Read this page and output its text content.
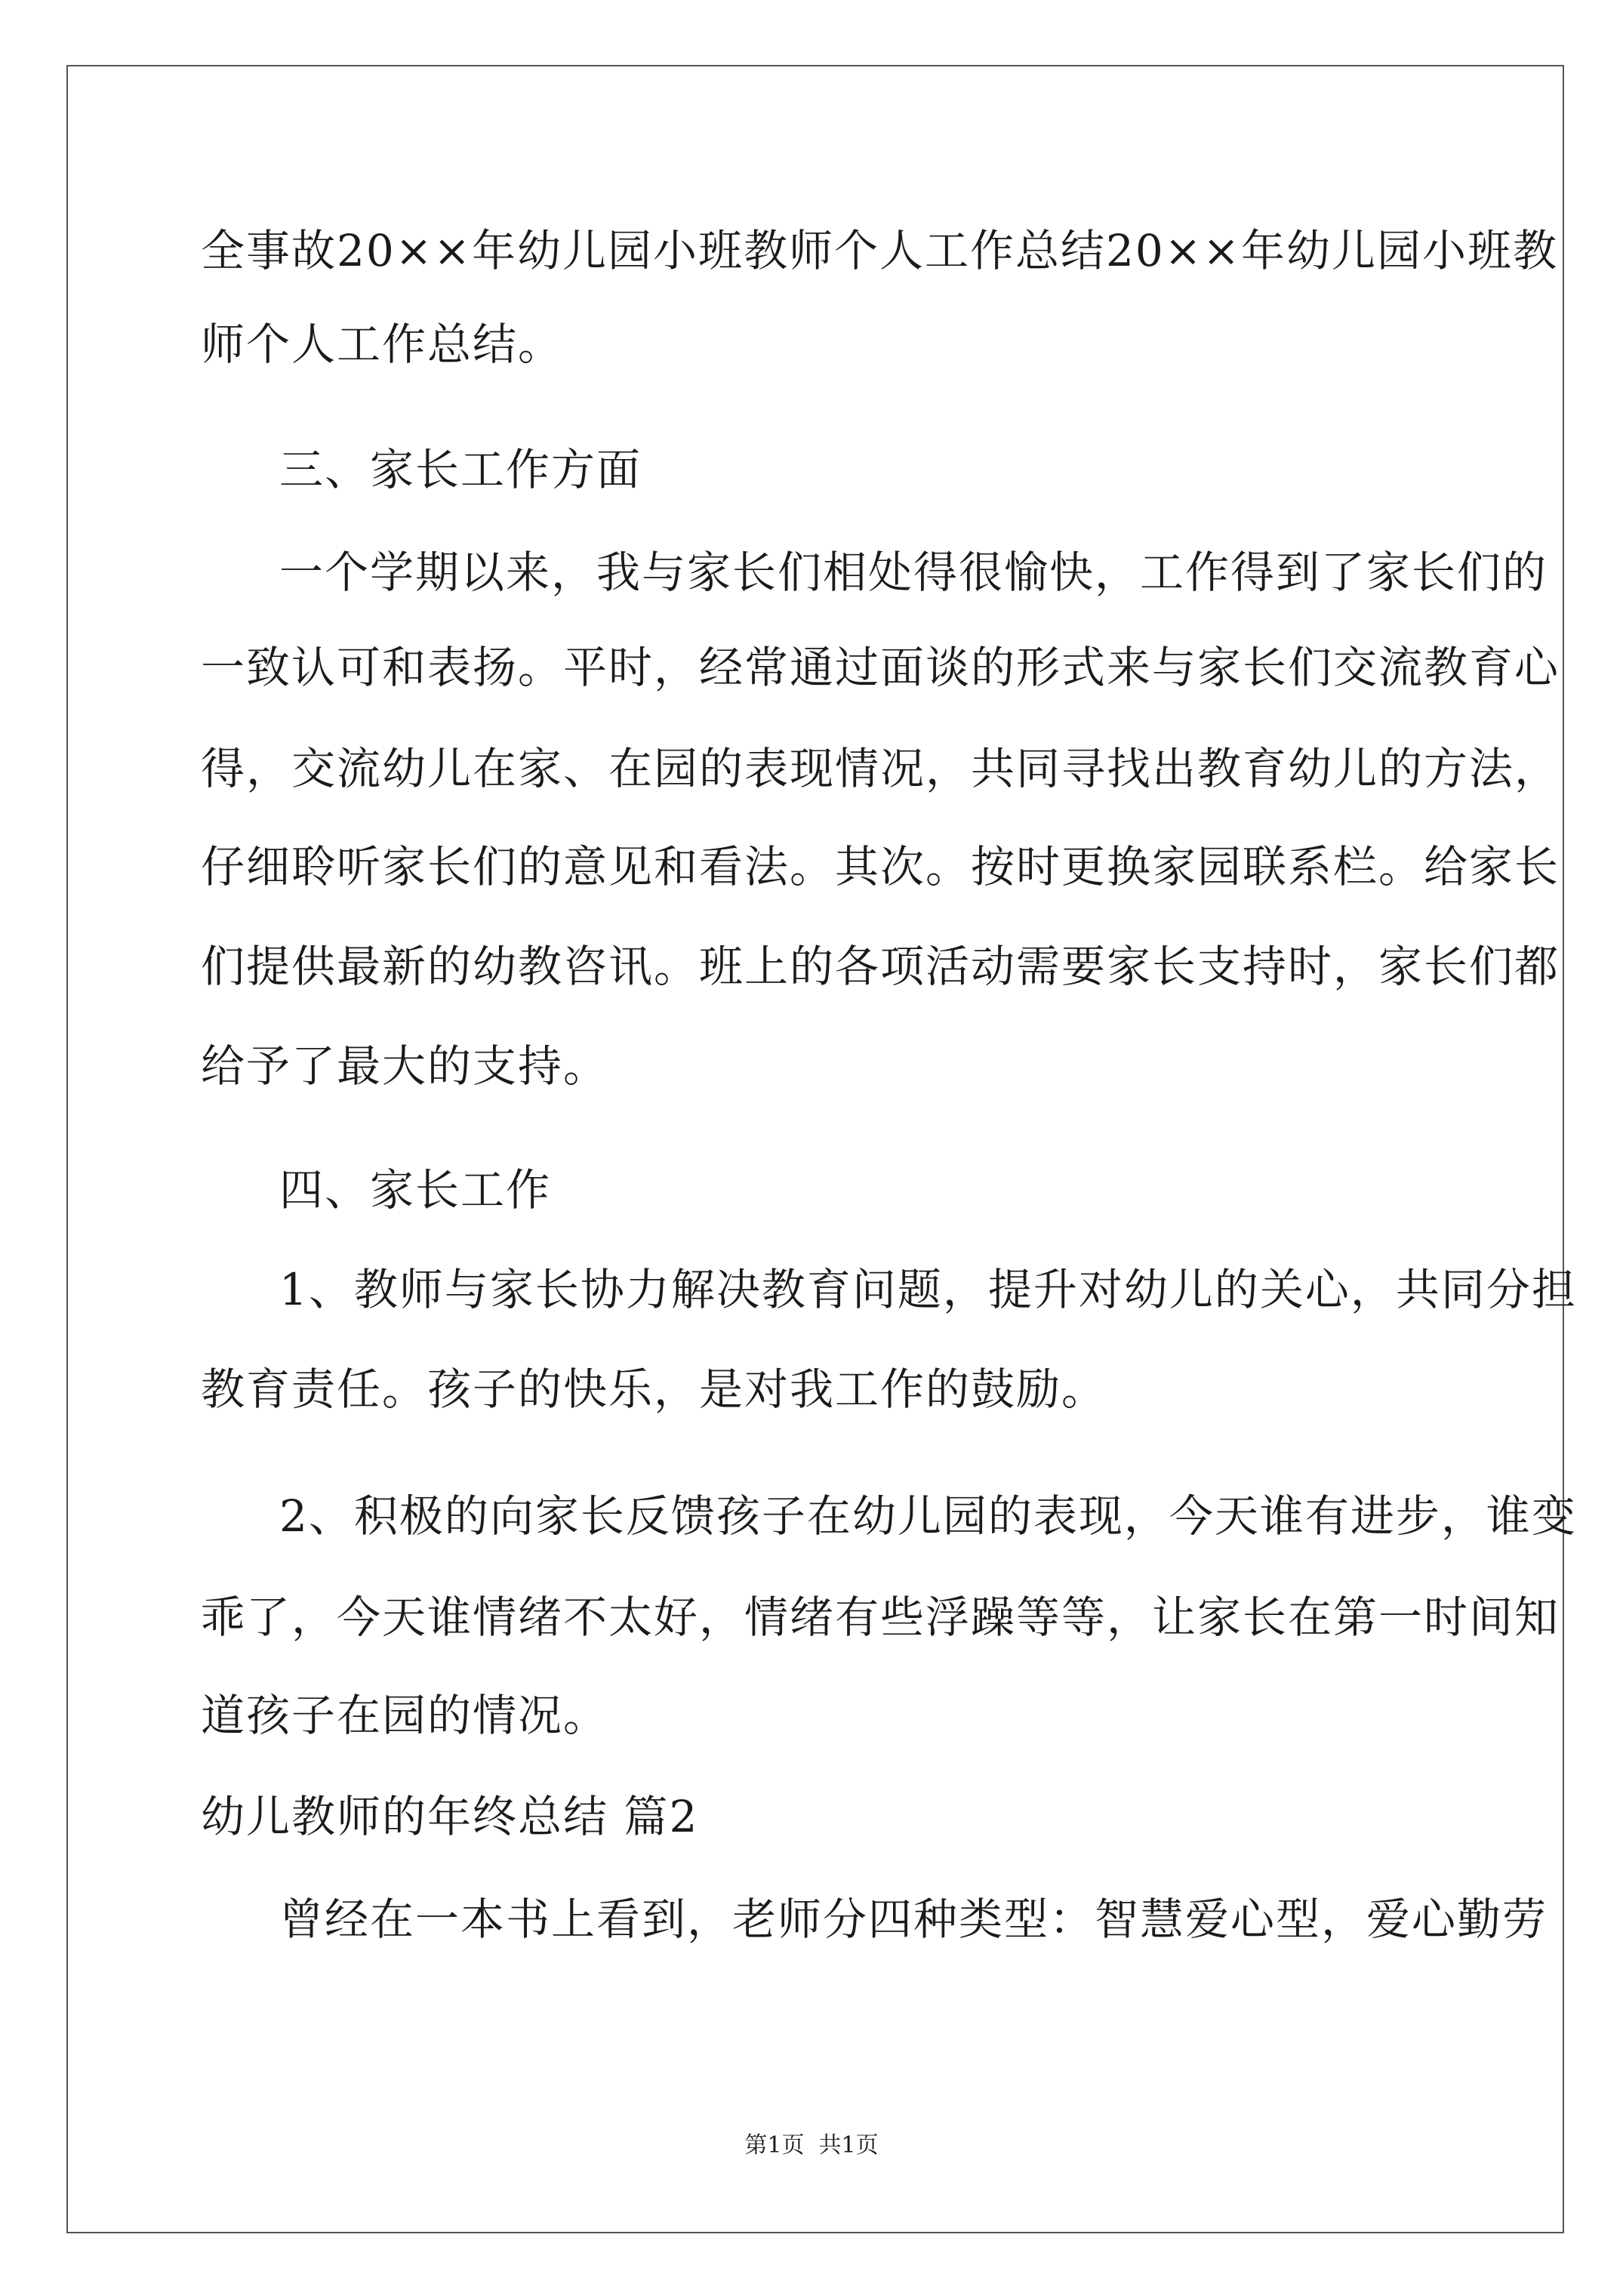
全事故20××年幼儿园小班教师个人工作总结20××年幼儿园小班教
师个人工作总结。
三、家长工作方面
一个学期以来，我与家长们相处得很愉快，工作得到了家长们的
一致认可和表扬。平时，经常通过面谈的形式来与家长们交流教育心
得，交流幼儿在家、在园的表现情况，共同寻找出教育幼儿的方法，
仔细聆听家长们的意见和看法。其次。按时更换家园联系栏。给家长
们提供最新的幼教咨讯。班上的各项活动需要家长支持时，家长们都
给予了最大的支持。
四、家长工作
1、教师与家长协力解决教育问题，提升对幼儿的关心，共同分担
教育责任。孩子的快乐，是对我工作的鼓励。
2、积极的向家长反馈孩子在幼儿园的表现，今天谁有进步，谁变
乖了，今天谁情绪不太好，情绪有些浮躁等等，让家长在第一时间知
道孩子在园的情况。
幼儿教师的年终总结 篇2
曾经在一本书上看到，老师分四种类型：智慧爱心型，爱心勤劳
第1页  共1页
